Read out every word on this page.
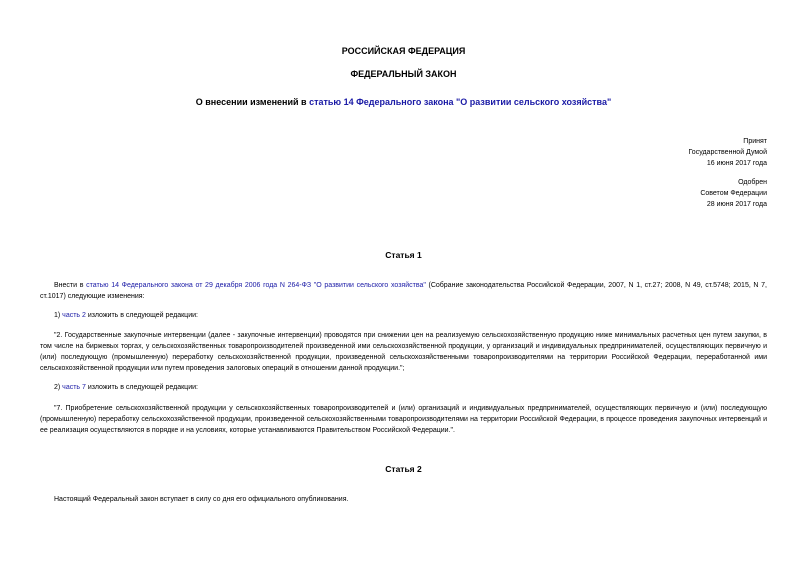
РОССИЙСКАЯ ФЕДЕРАЦИЯ
ФЕДЕРАЛЬНЫЙ ЗАКОН
О внесении изменений в статью 14 Федерального закона "О развитии сельского хозяйства"
Принят
Государственной Думой
16 июня 2017 года
Одобрен
Советом Федерации
28 июня 2017 года
Статья 1
Внести в статью 14 Федерального закона от 29 декабря 2006 года N 264-ФЗ "О развитии сельского хозяйства" (Собрание законодательства Российской Федерации, 2007, N 1, ст.27; 2008, N 49, ст.5748; 2015, N 7, ст.1017) следующие изменения:
1) часть 2 изложить в следующей редакции:
"2. Государственные закупочные интервенции (далее - закупочные интервенции) проводятся при снижении цен на реализуемую сельскохозяйственную продукцию ниже минимальных расчетных цен путем закупки, в том числе на биржевых торгах, у сельскохозяйственных товаропроизводителей произведенной ими сельскохозяйственной продукции, у организаций и индивидуальных предпринимателей, осуществляющих первичную и (или) последующую (промышленную) переработку сельскохозяйственной продукции, произведенной сельскохозяйственными товаропроизводителями на территории Российской Федерации, переработанной ими сельскохозяйственной продукции или путем проведения залоговых операций в отношении данной продукции.";
2) часть 7 изложить в следующей редакции:
"7. Приобретение сельскохозяйственной продукции у сельскохозяйственных товаропроизводителей и (или) организаций и индивидуальных предпринимателей, осуществляющих первичную и (или) последующую (промышленную) переработку сельскохозяйственной продукции, произведенной сельскохозяйственными товаропроизводителями на территории Российской Федерации, в процессе проведения закупочных интервенций и ее реализация осуществляются в порядке и на условиях, которые устанавливаются Правительством Российской Федерации.".
Статья 2
Настоящий Федеральный закон вступает в силу со дня его официального опубликования.
